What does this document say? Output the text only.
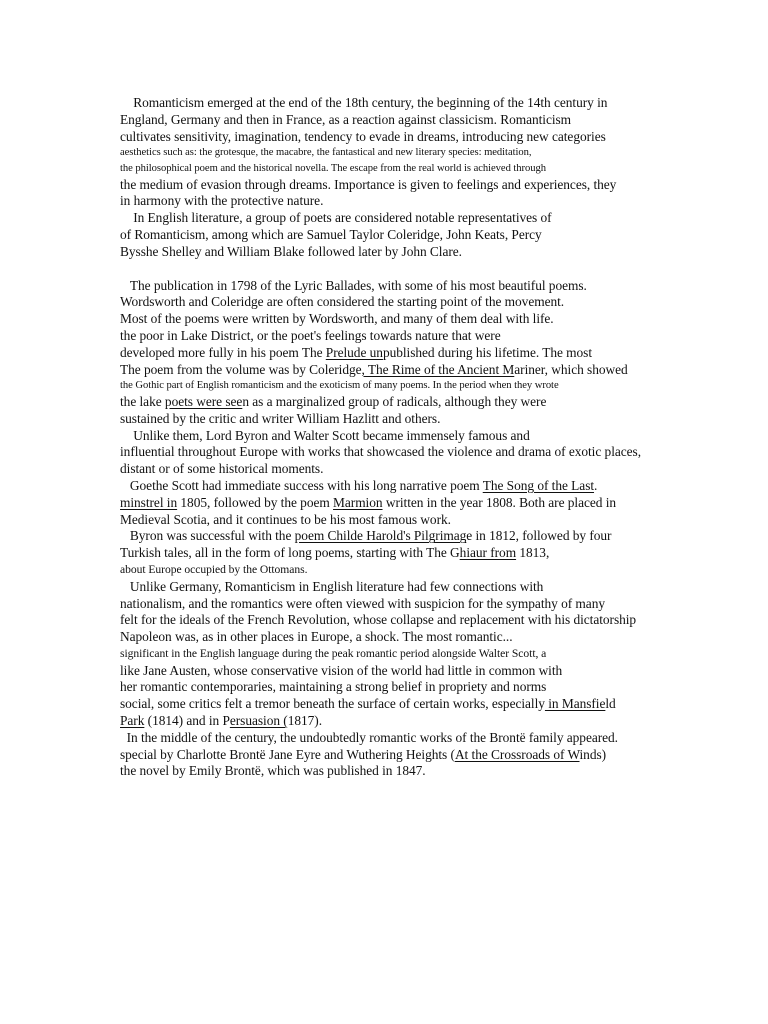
Romanticism emerged at the end of the 18th century, the beginning of the 14th century in
England, Germany and then in France, as a reaction against classicism. Romanticism
cultivates sensitivity, imagination, tendency to evade in dreams, introducing new categories
aesthetics such as: the grotesque, the macabre, the fantastical and new literary species: meditation,
the philosophical poem and the historical novella. The escape from the real world is achieved through
the medium of evasion through dreams. Importance is given to feelings and experiences, they
in harmony with the protective nature.
In English literature, a group of poets are considered notable representatives of
of Romanticism, among which are Samuel Taylor Coleridge, John Keats, Percy
Bysshe Shelley and William Blake followed later by John Clare.
The publication in 1798 of the Lyric Ballades, with some of his most beautiful poems.
Wordsworth and Coleridge are often considered the starting point of the movement.
Most of the poems were written by Wordsworth, and many of them deal with life.
the poor in Lake District, or the poet's feelings towards nature that were
developed more fully in his poem The Prelude unpublished during his lifetime. The most
The poem from the volume was by Coleridge, The Rime of the Ancient Mariner, which showed
the Gothic part of English romanticism and the exoticism of many poems. In the period when they wrote
the lake poets were seen as a marginalized group of radicals, although they were
sustained by the critic and writer William Hazlitt and others.
Unlike them, Lord Byron and Walter Scott became immensely famous and
influential throughout Europe with works that showcased the violence and drama of exotic places,
distant or of some historical moments.
Goethe Scott had immediate success with his long narrative poem The Song of the Last.
minstrel in 1805, followed by the poem Marmion written in the year 1808. Both are placed in
Medieval Scotia, and it continues to be his most famous work.
Byron was successful with the poem Childe Harold's Pilgrimage in 1812, followed by four
Turkish tales, all in the form of long poems, starting with The Ghiaur from 1813,
about Europe occupied by the Ottomans.
Unlike Germany, Romanticism in English literature had few connections with
nationalism, and the romantics were often viewed with suspicion for the sympathy of many
felt for the ideals of the French Revolution, whose collapse and replacement with his dictatorship
Napoleon was, as in other places in Europe, a shock. The most romantic...
significant in the English language during the peak romantic period alongside Walter Scott, a
like Jane Austen, whose conservative vision of the world had little in common with
her romantic contemporaries, maintaining a strong belief in propriety and norms
social, some critics felt a tremor beneath the surface of certain works, especially in Mansfield
Park (1814) and in Persuasion (1817).
In the middle of the century, the undoubtedly romantic works of the Brontë family appeared.
special by Charlotte Brontë Jane Eyre and Wuthering Heights (At the Crossroads of Winds)
the novel by Emily Brontë, which was published in 1847.
